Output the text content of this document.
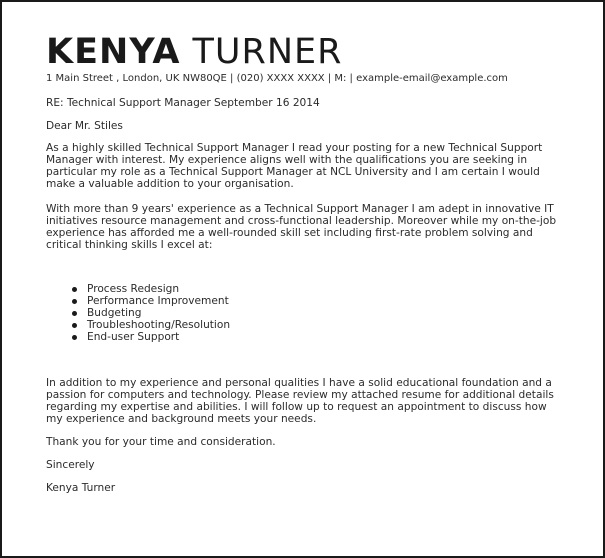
KENYA TURNER
1 Main Street , London, UK NW80QE | (020) XXXX XXXX | M: | example-email@example.com

RE: Technical Support Manager September 16 2014

Dear Mr. Stiles

As a highly skilled Technical Support Manager I read your posting for a new Technical Support Manager with interest. My experience aligns well with the qualifications you are seeking in particular my role as a Technical Support Manager at NCL University and I am certain I would make a valuable addition to your organisation.

With more than 9 years' experience as a Technical Support Manager I am adept in innovative IT initiatives resource management and cross-functional leadership. Moreover while my on-the-job experience has afforded me a well-rounded skill set including first-rate problem solving and critical thinking skills I excel at:

Process Redesign
Performance Improvement
Budgeting
Troubleshooting/Resolution
End-user Support

In addition to my experience and personal qualities I have a solid educational foundation and a passion for computers and technology. Please review my attached resume for additional details regarding my expertise and abilities. I will follow up to request an appointment to discuss how my experience and background meets your needs.

Thank you for your time and consideration.

Sincerely

Kenya Turner
